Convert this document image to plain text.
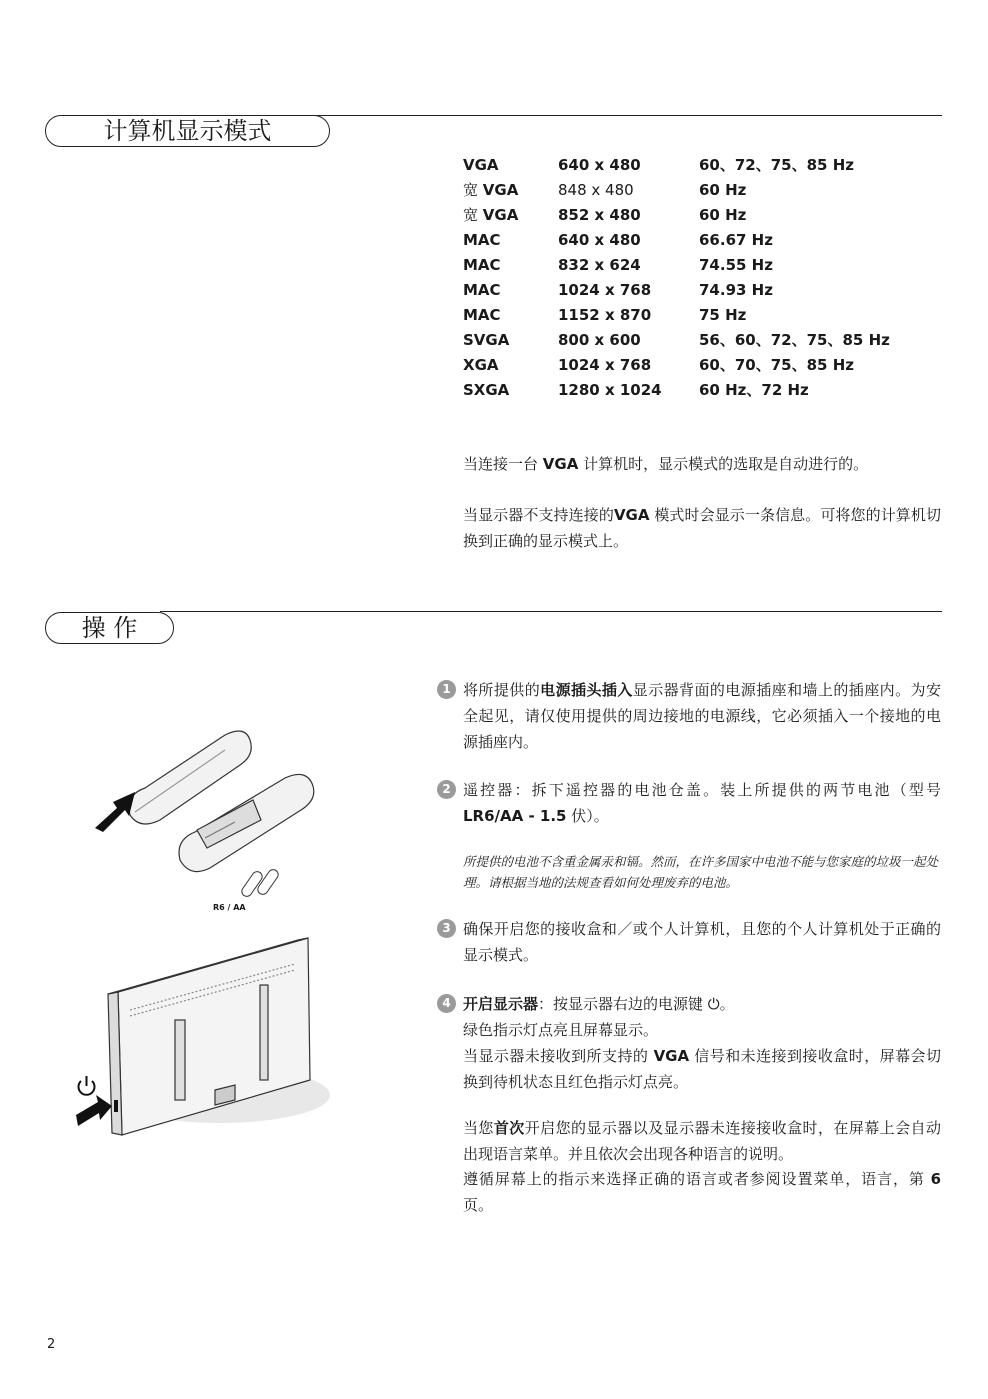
计算机显示模式
VGA	640 x 480	60、72、75、85 Hz
宽 VGA	848 x 480	60 Hz
宽 VGA	852 x 480	60 Hz
MAC	640 x 480	66.67 Hz
MAC	832 x 624	74.55 Hz
MAC	1024 x 768	74.93 Hz
MAC	1152 x 870	75 Hz
SVGA	800 x 600	56、60、72、75、85 Hz
XGA	1024 x 768	60、70、75、85 Hz
SXGA	1280 x 1024	60 Hz、72 Hz
当连接一台 VGA 计算机时，显示模式的选取是自动进行的。
当显示器不支持连接的VGA 模式时会显示一条信息。可将您的计算机切换到正确的显示模式上。
操 作
R6 / AA
1 将所提供的电源插头插入显示器背面的电源插座和墙上的插座内。为安全起见，请仅使用提供的周边接地的电源线，它必须插入一个接地的电源插座内。
2 遥控器：拆下遥控器的电池仓盖。装上所提供的两节电池（型号 LR6/AA - 1.5 伏）。
所提供的电池不含重金属汞和镉。然而，在许多国家中电池不能与您家庭的垃圾一起处理。请根据当地的法规查看如何处理废弃的电池。
3 确保开启您的接收盒和／或个人计算机，且您的个人计算机处于正确的显示模式。
4 开启显示器：按显示器右边的电源键 ⏻。
绿色指示灯点亮且屏幕显示。
当显示器未接收到所支持的 VGA 信号和未连接到接收盒时，屏幕会切换到待机状态且红色指示灯点亮。
当您首次开启您的显示器以及显示器未连接接收盒时，在屏幕上会自动出现语言菜单。并且依次会出现各种语言的说明。
遵循屏幕上的指示来选择正确的语言或者参阅设置菜单，语言，第 6 页。
2
